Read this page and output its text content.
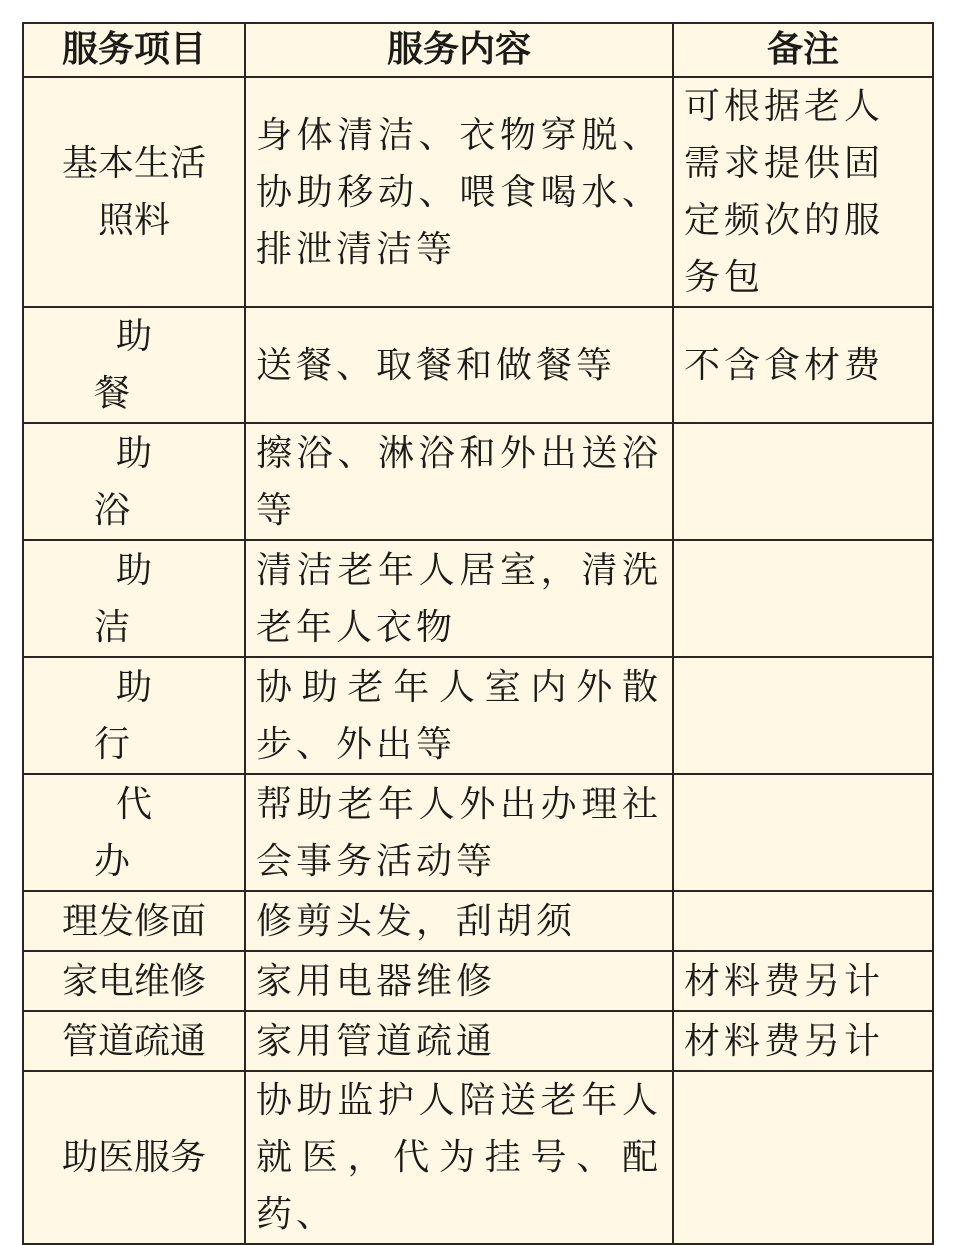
服务项目	服务内容	备注
基本生活照料	身体清洁、衣物穿脱、协助移动、喂食喝水、排泄清洁等	可根据老人需求提供固定频次的服务包
助餐	送餐、取餐和做餐等	不含食材费
助浴	擦浴、淋浴和外出送浴等	
助洁	清洁老年人居室，清洗老年人衣物	
助行	协助老年人室内外散步、外出等	
代办	帮助老年人外出办理社会事务活动等	
理发修面	修剪头发，刮胡须	
家电维修	家用电器维修	材料费另计
管道疏通	家用管道疏通	材料费另计
助医服务	协助监护人陪送老年人就医，代为挂号、配药、	
